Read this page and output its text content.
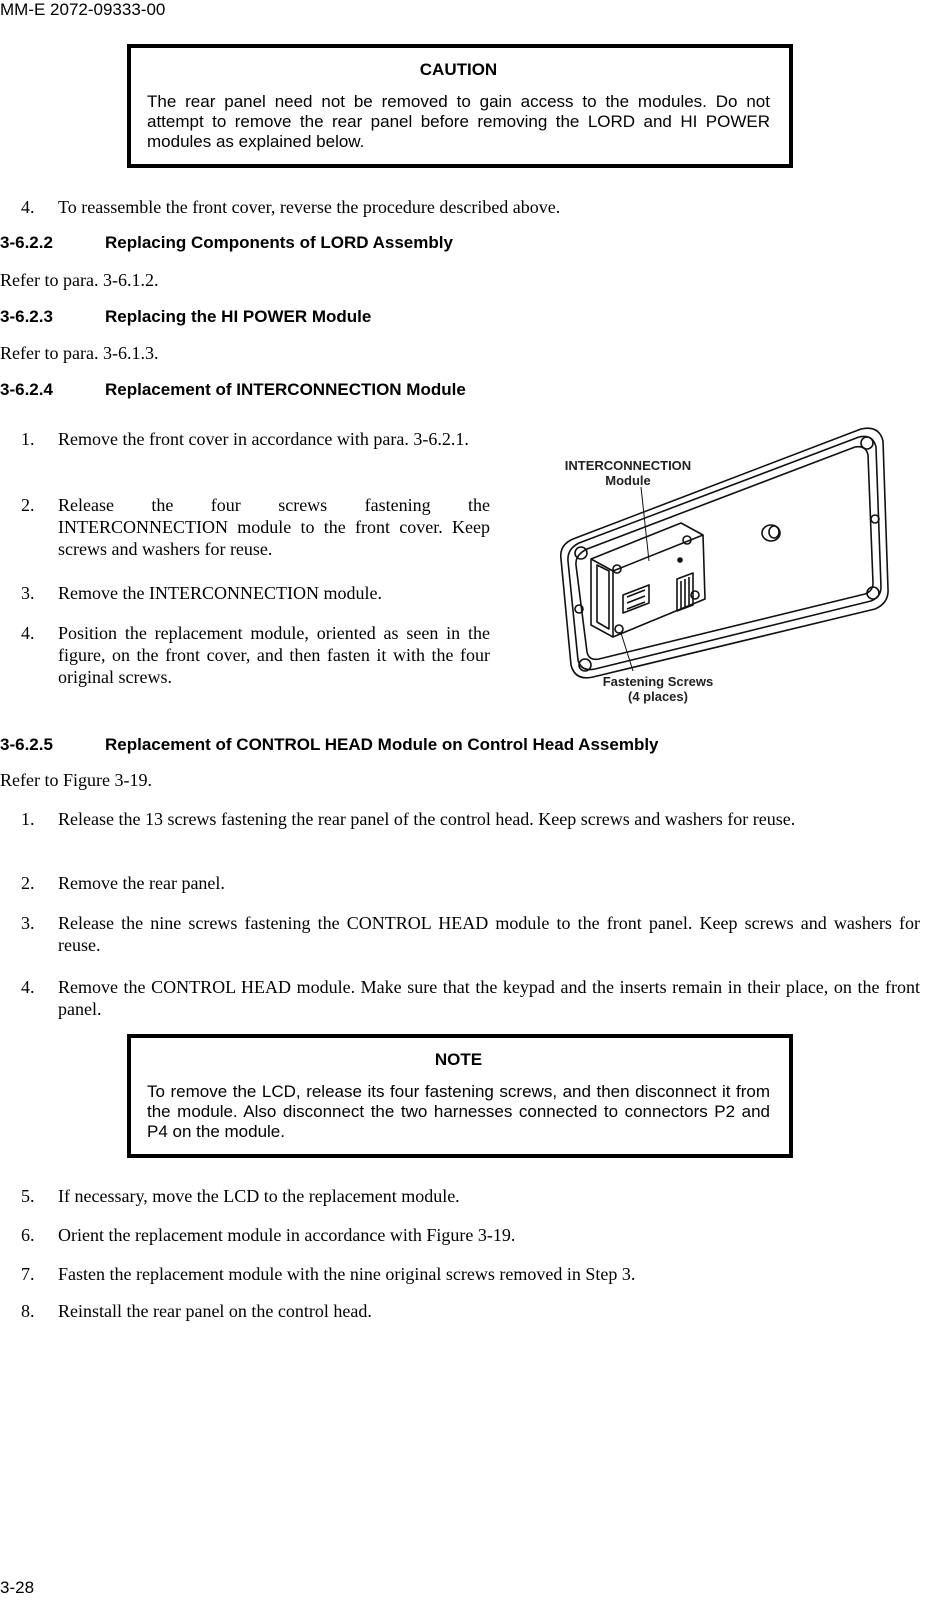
MM-E 2072-09333-00
CAUTION
The rear panel need not be removed to gain access to the modules. Do not attempt to remove the rear panel before removing the LORD and HI POWER modules as explained below.
4.	To reassemble the front cover, reverse the procedure described above.
3-6.2.2	Replacing Components of LORD Assembly
Refer to para. 3-6.1.2.
3-6.2.3	Replacing the HI POWER Module
Refer to para. 3-6.1.3.
3-6.2.4	Replacement of INTERCONNECTION Module
1.	Remove the front cover in accordance with para. 3-6.2.1.
2.	Release the four screws fastening the INTERCONNECTION module to the front cover. Keep screws and washers for reuse.
3.	Remove the INTERCONNECTION module.
4.	Position the replacement module, oriented as seen in the figure, on the front cover, and then fasten it with the four original screws.
INTERCONNECTION
Module
Fastening Screws
(4 places)
3-6.2.5	Replacement of CONTROL HEAD Module on Control Head Assembly
Refer to Figure 3-19.
1.	Release the 13 screws fastening the rear panel of the control head. Keep screws and washers for reuse.
2.	Remove the rear panel.
3.	Release the nine screws fastening the CONTROL HEAD module to the front panel. Keep screws and washers for reuse.
4.	Remove the CONTROL HEAD module. Make sure that the keypad and the inserts remain in their place, on the front panel.
NOTE
To remove the LCD, release its four fastening screws, and then disconnect it from the module. Also disconnect the two harnesses connected to connectors P2 and P4 on the module.
5.	If necessary, move the LCD to the replacement module.
6.	Orient the replacement module in accordance with Figure 3-19.
7.	Fasten the replacement module with the nine original screws removed in Step 3.
8.	Reinstall the rear panel on the control head.
3-28
